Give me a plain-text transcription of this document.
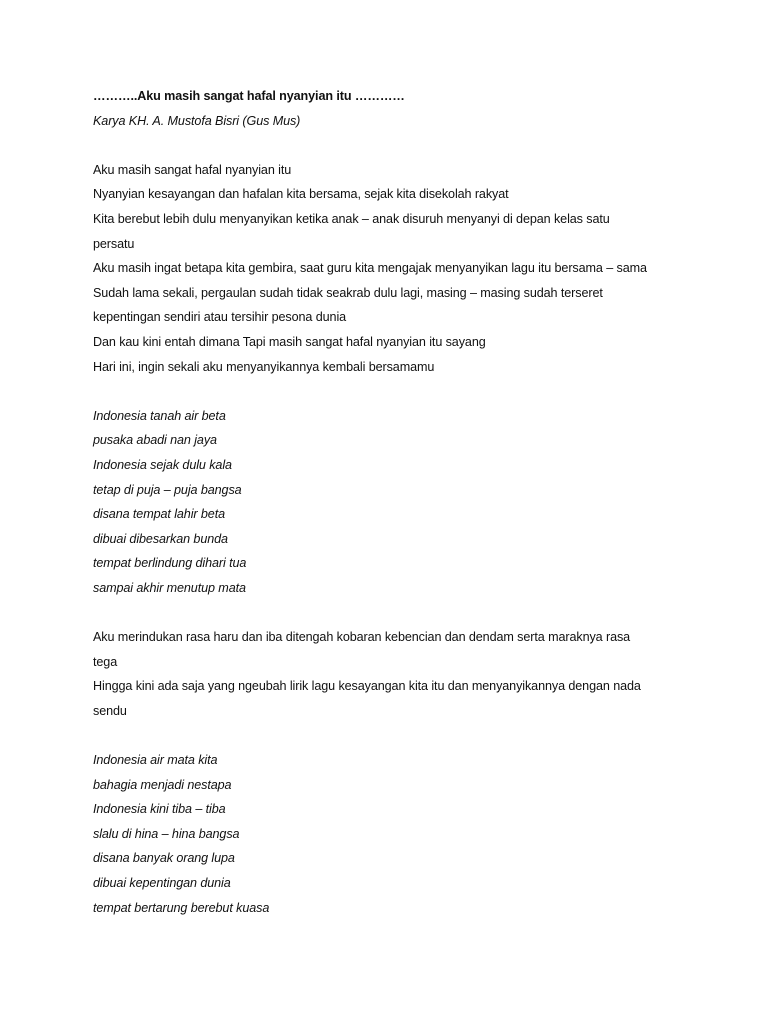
………..Aku masih sangat hafal nyanyian itu …………
Karya KH. A. Mustofa Bisri (Gus Mus)
Aku masih sangat hafal nyanyian itu
Nyanyian kesayangan dan hafalan kita bersama, sejak kita disekolah rakyat
Kita berebut lebih dulu menyanyikan ketika anak – anak disuruh menyanyi di depan kelas satu
persatu
Aku masih ingat betapa kita gembira, saat guru kita mengajak menyanyikan lagu itu bersama – sama
Sudah lama sekali, pergaulan sudah tidak seakrab dulu lagi, masing – masing sudah terseret
kepentingan sendiri atau tersihir pesona dunia
Dan kau kini entah dimana Tapi masih sangat hafal nyanyian itu sayang
Hari ini, ingin sekali aku menyanyikannya kembali bersamamu
Indonesia tanah air beta
pusaka abadi nan jaya
Indonesia sejak dulu kala
tetap di puja – puja bangsa
disana tempat lahir beta
dibuai dibesarkan bunda
tempat berlindung dihari tua
sampai akhir menutup mata
Aku merindukan rasa haru dan iba ditengah kobaran kebencian dan dendam serta maraknya rasa
tega
Hingga kini ada saja yang ngeubah lirik lagu kesayangan kita itu dan menyanyikannya dengan nada
sendu
Indonesia air mata kita
bahagia menjadi nestapa
Indonesia kini tiba – tiba
slalu di hina – hina bangsa
disana banyak orang lupa
dibuai kepentingan dunia
tempat bertarung berebut kuasa
